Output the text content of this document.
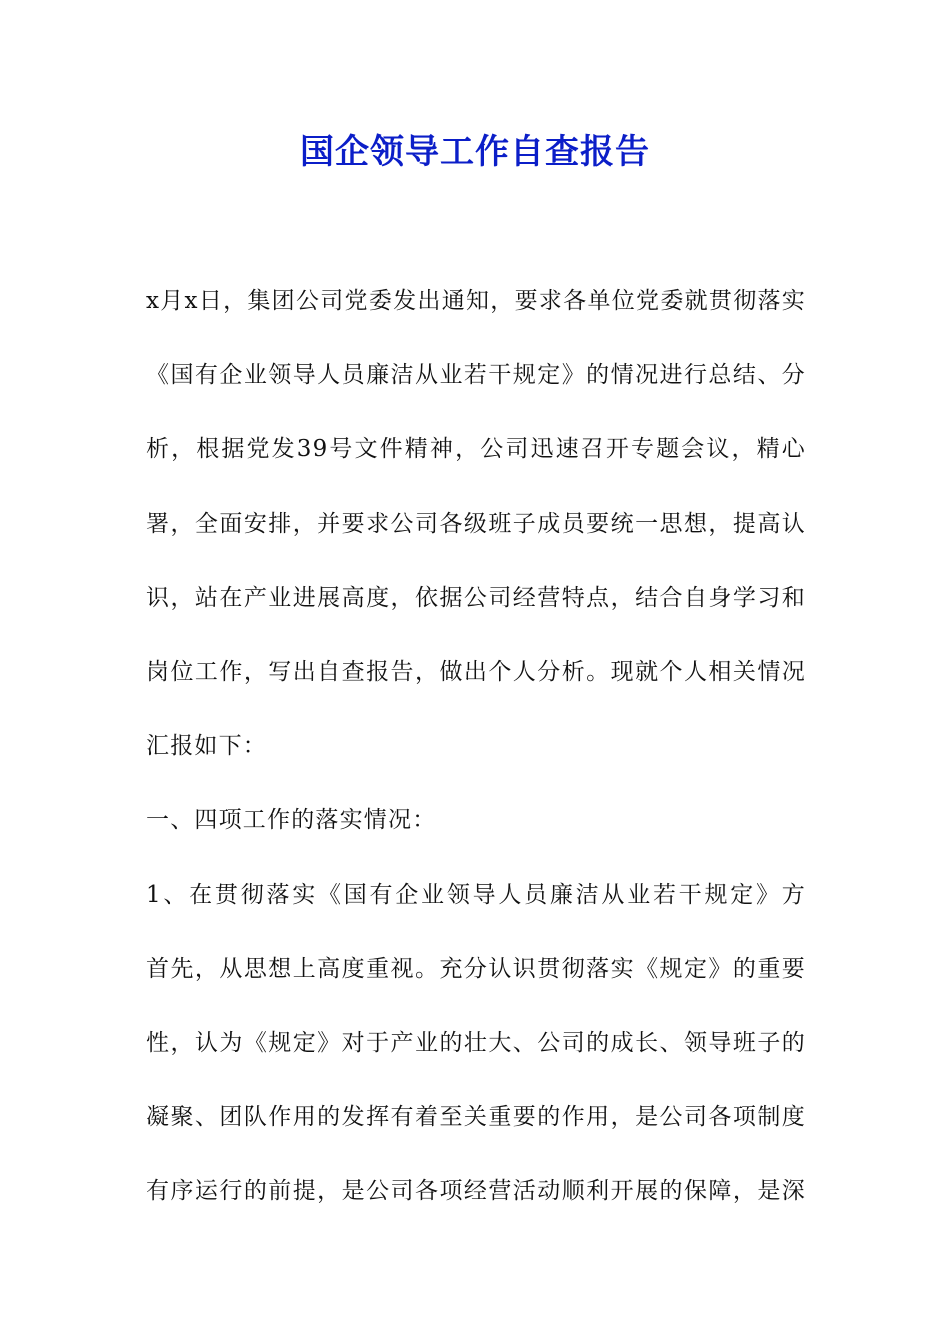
国企领导工作自查报告
x月x日，集团公司党委发出通知，要求各单位党委就贯彻落实
《国有企业领导人员廉洁从业若干规定》的情况进行总结、分
析，根据党发39号文件精神，公司迅速召开专题会议，精心
署，全面安排，并要求公司各级班子成员要统一思想，提高认
识，站在产业进展高度，依据公司经营特点，结合自身学习和
岗位工作，写出自查报告，做出个人分析。现就个人相关情况
汇报如下：
一、四项工作的落实情况：
1、在贯彻落实《国有企业领导人员廉洁从业若干规定》方
首先，从思想上高度重视。充分认识贯彻落实《规定》的重要
性，认为《规定》对于产业的壮大、公司的成长、领导班子的
凝聚、团队作用的发挥有着至关重要的作用，是公司各项制度
有序运行的前提，是公司各项经营活动顺利开展的保障，是深
